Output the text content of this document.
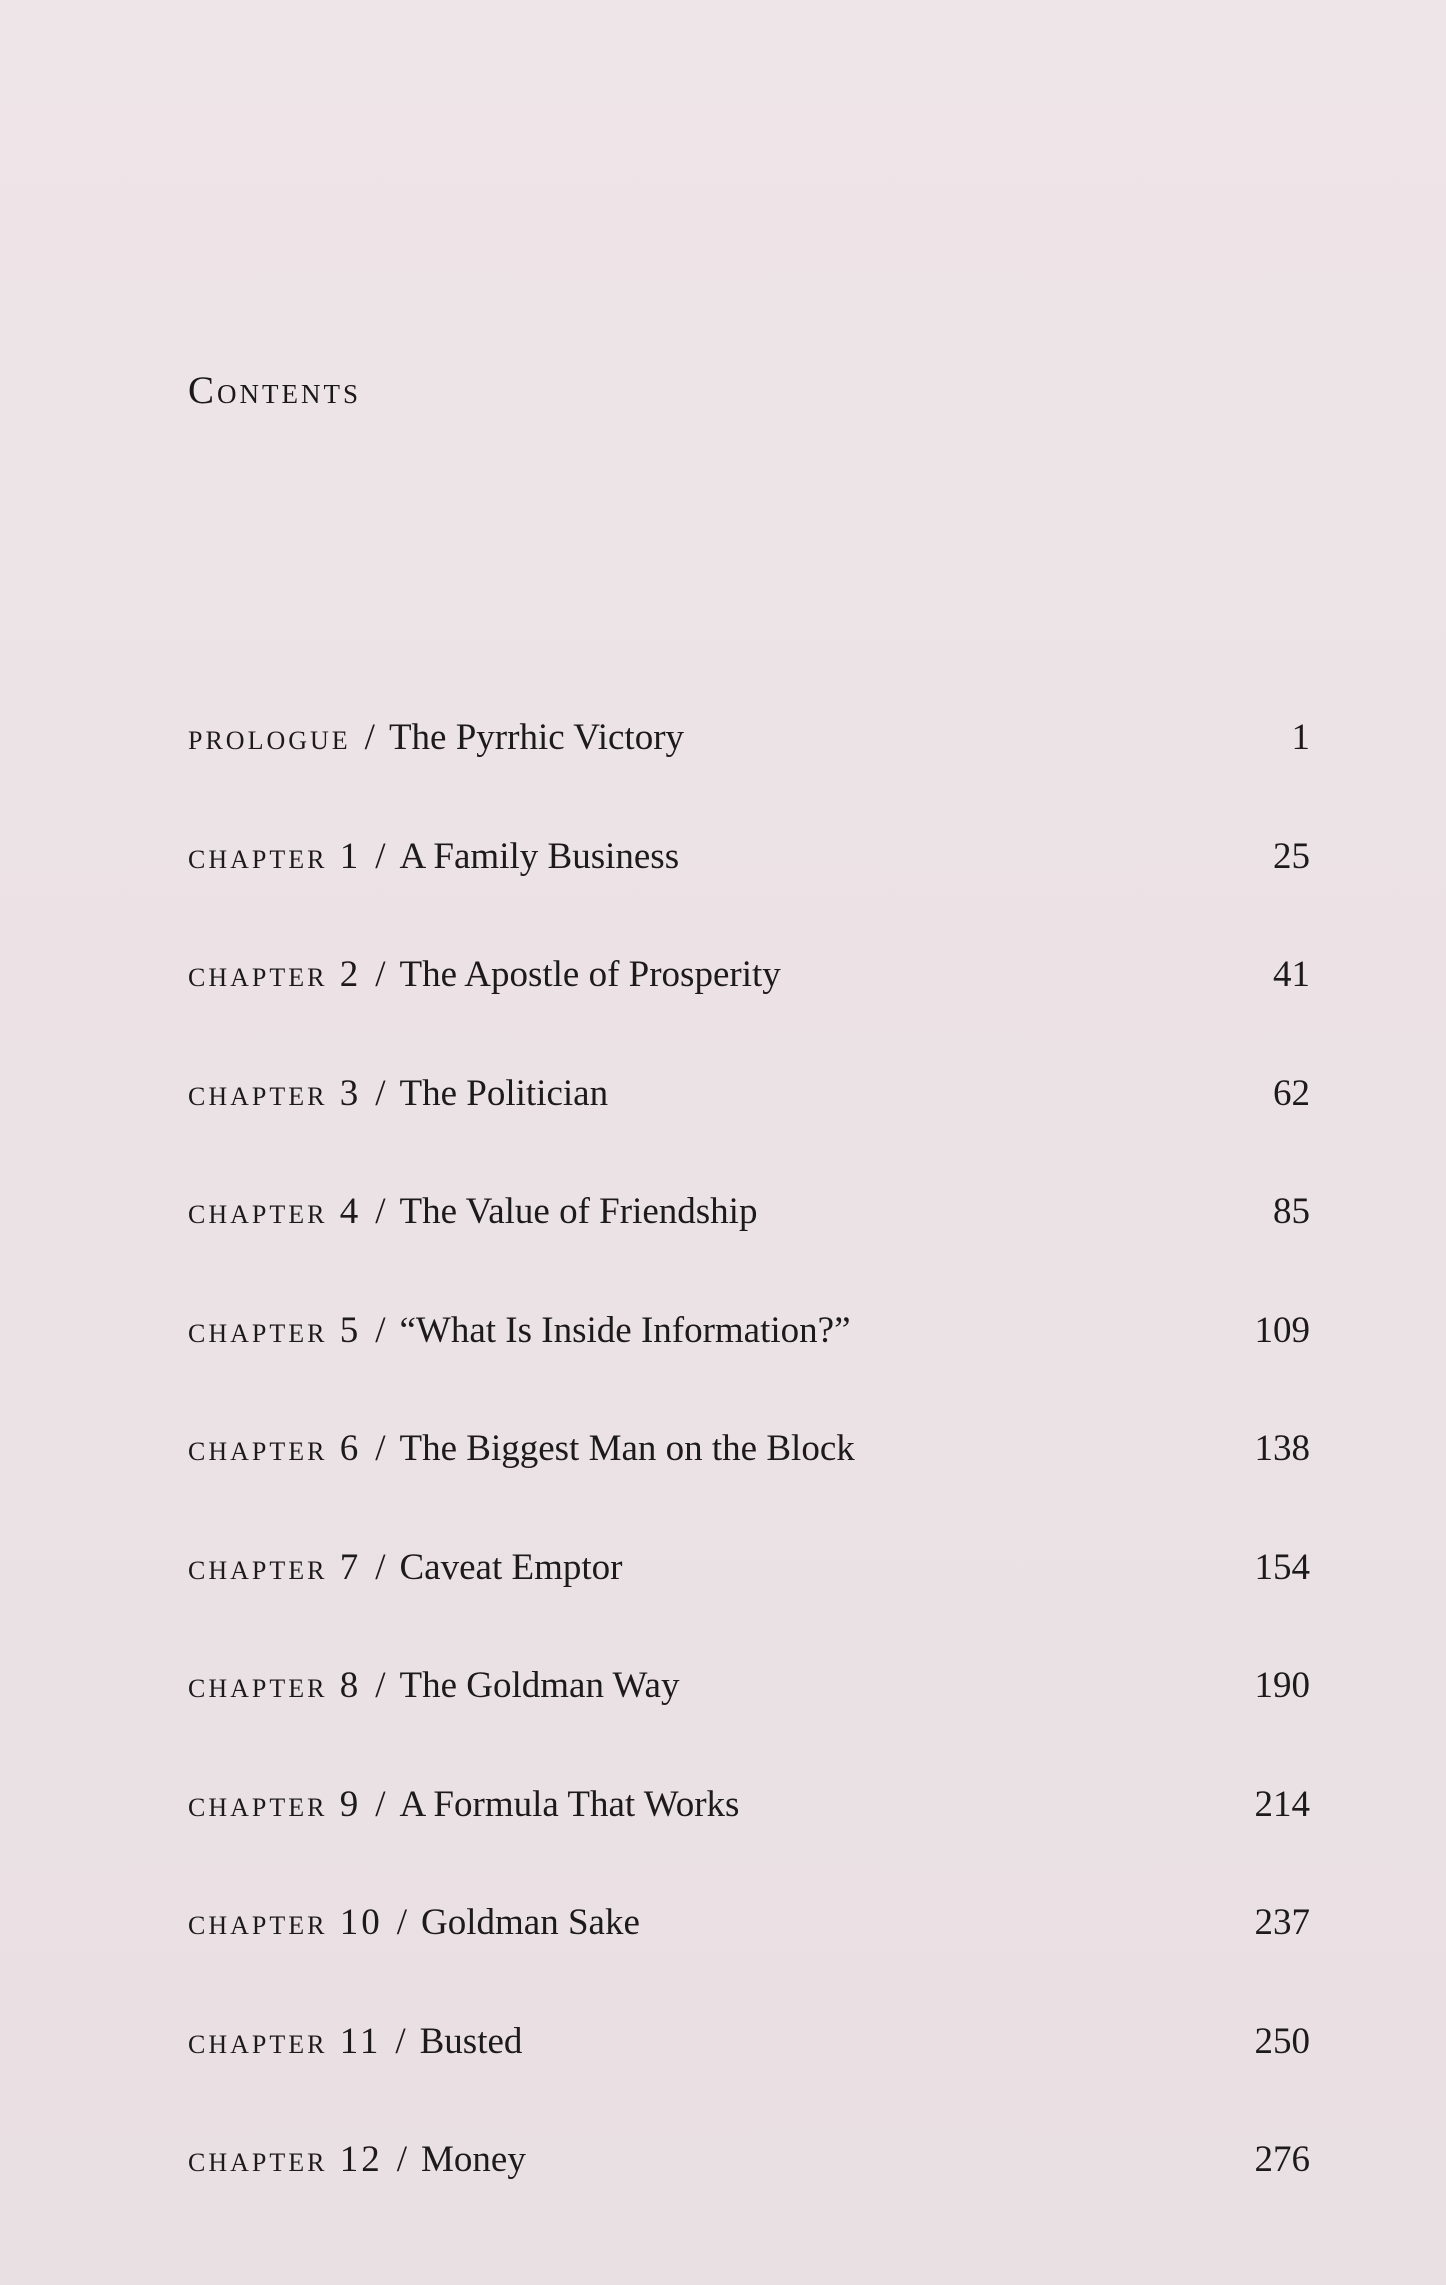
Contents
prologue / The Pyrrhic Victory	1
chapter 1 / A Family Business	25
chapter 2 / The Apostle of Prosperity	41
chapter 3 / The Politician	62
chapter 4 / The Value of Friendship	85
chapter 5 / “What Is Inside Information?”	109
chapter 6 / The Biggest Man on the Block	138
chapter 7 / Caveat Emptor	154
chapter 8 / The Goldman Way	190
chapter 9 / A Formula That Works	214
chapter 10 / Goldman Sake	237
chapter 11 / Busted	250
chapter 12 / Money	276
